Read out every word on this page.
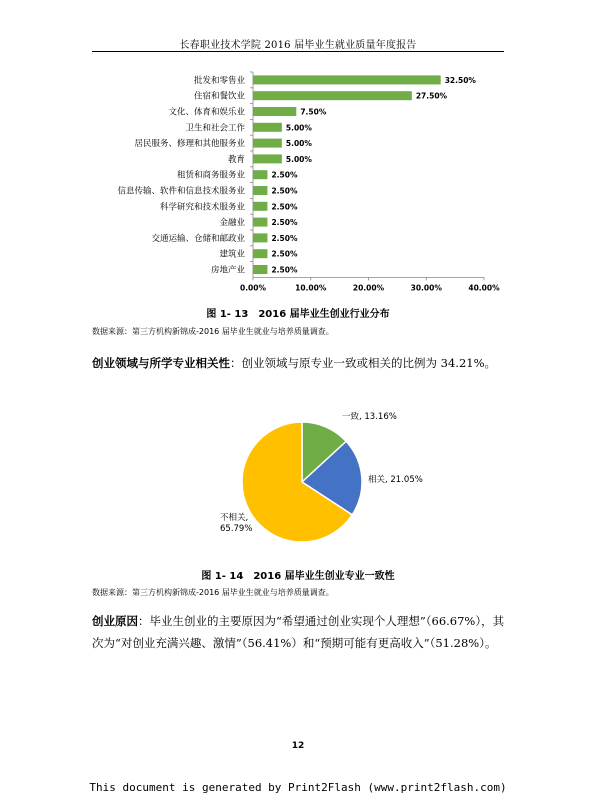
长春职业技术学院 2016 届毕业生就业质量年度报告
批发和零售业	32.50%
住宿和餐饮业	27.50%
文化、体育和娱乐业	7.50%
卫生和社会工作	5.00%
居民服务、修理和其他服务业	5.00%
教育	5.00%
租赁和商务服务业	2.50%
信息传输、软件和信息技术服务业	2.50%
科学研究和技术服务业	2.50%
金融业	2.50%
交通运输、仓储和邮政业	2.50%
建筑业	2.50%
房地产业	2.50%
0.00%	10.00%	20.00%	30.00%	40.00%
图 1- 13　2016 届毕业生创业行业分布
数据来源：第三方机构新锦成-2016 届毕业生就业与培养质量调查。
创业领域与所学专业相关性：创业领域与原专业一致或相关的比例为 34.21%。
一致, 13.16%
相关, 21.05%
不相关,
65.79%
图 1- 14　2016 届毕业生创业专业一致性
数据来源：第三方机构新锦成-2016 届毕业生就业与培养质量调查。
创业原因：毕业生创业的主要原因为“希望通过创业实现个人理想”（66.67%），其次为“对创业充满兴趣、激情”（56.41%）和“预期可能有更高收入”（51.28%）。
12
This document is generated by Print2Flash (www.print2flash.com)
